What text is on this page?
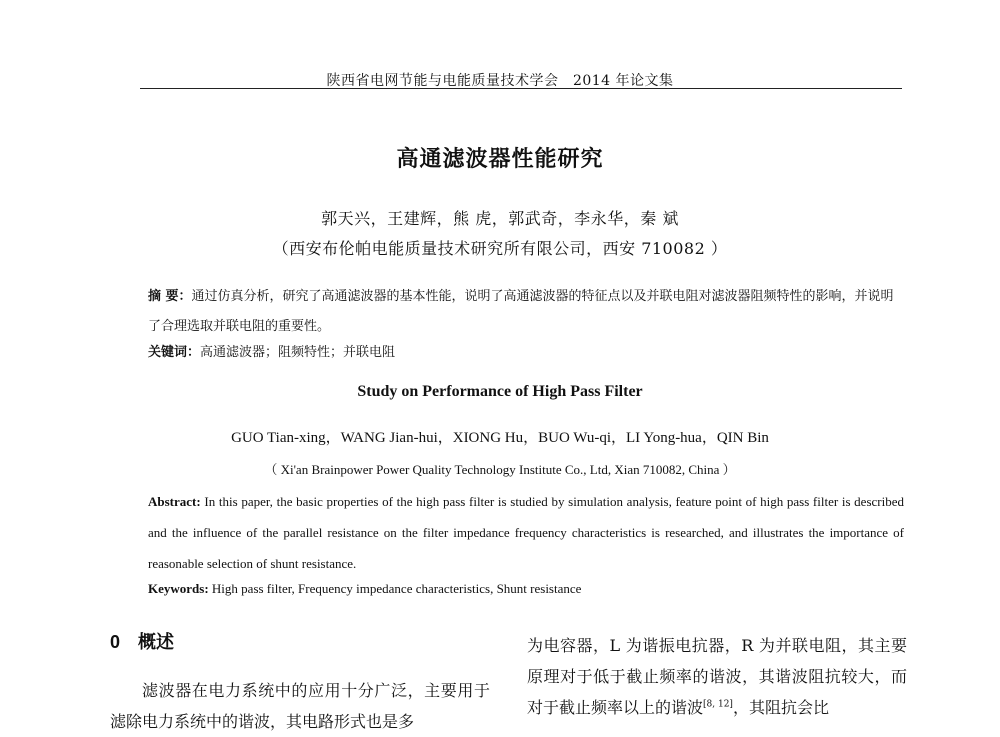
陕西省电网节能与电能质量技术学会　2014 年论文集
高通滤波器性能研究
郭天兴，王建辉，熊 虎，郭武奇，李永华，秦 斌
（西安布伦帕电能质量技术研究所有限公司，西安 710082 ）
摘 要：通过仿真分析，研究了高通滤波器的基本性能，说明了高通滤波器的特征点以及并联电阻对滤波器阻频特性的影响，并说明了合理选取并联电阻的重要性。
关键词：高通滤波器；阻频特性；并联电阻
Study on Performance of High Pass Filter
GUO Tian-xing，WANG Jian-hui，XIONG Hu，BUO Wu-qi，LI Yong-hua，QIN Bin
（ Xi'an Brainpower Power Quality Technology Institute Co., Ltd, Xian 710082, China ）
Abstract: In this paper, the basic properties of the high pass filter is studied by simulation analysis, feature point of high pass filter is described and the influence of the parallel resistance on the filter impedance frequency characteristics is researched, and illustrates the importance of reasonable selection of shunt resistance.
Keywords: High pass filter, Frequency impedance characteristics, Shunt resistance
0 概述
滤波器在电力系统中的应用十分广泛，主要用于滤除电力系统中的谐波，其电路形式也是多
为电容器，L 为谐振电抗器，R 为并联电阻，其主要原理对于低于截止频率的谐波，其谐波阻抗较大，而对于截止频率以上的谐波[8, 12]，其阻抗会比
